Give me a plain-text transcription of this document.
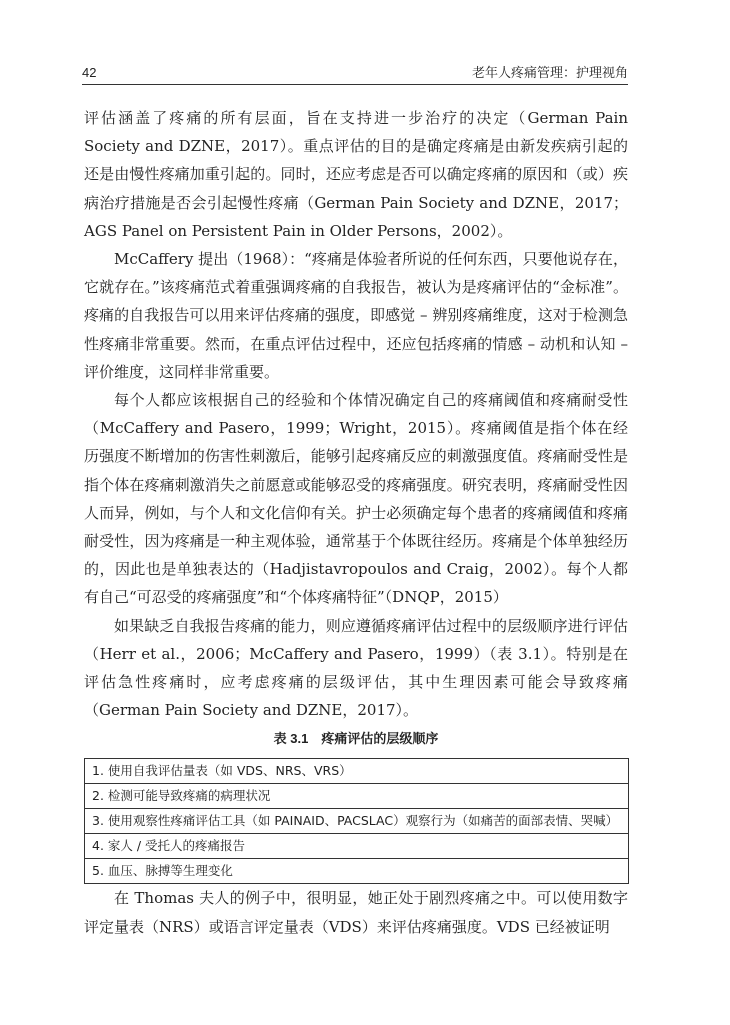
42	老年人疼痛管理：护理视角

评估涵盖了疼痛的所有层面，旨在支持进一步治疗的决定（German Pain Society and DZNE，2017）。重点评估的目的是确定疼痛是由新发疾病引起的还是由慢性疼痛加重引起的。同时，还应考虑是否可以确定疼痛的原因和（或）疾病治疗措施是否会引起慢性疼痛（German Pain Society and DZNE，2017；AGS Panel on Persistent Pain in Older Persons，2002）。

McCaffery 提出（1968）：“疼痛是体验者所说的任何东西，只要他说存在，它就存在。”该疼痛范式着重强调疼痛的自我报告，被认为是疼痛评估的“金标准”。疼痛的自我报告可以用来评估疼痛的强度，即感觉 – 辨别疼痛维度，这对于检测急性疼痛非常重要。然而，在重点评估过程中，还应包括疼痛的情感 – 动机和认知 – 评价维度，这同样非常重要。

每个人都应该根据自己的经验和个体情况确定自己的疼痛阈值和疼痛耐受性（McCaffery and Pasero，1999；Wright，2015）。疼痛阈值是指个体在经历强度不断增加的伤害性刺激后，能够引起疼痛反应的刺激强度值。疼痛耐受性是指个体在疼痛刺激消失之前愿意或能够忍受的疼痛强度。研究表明，疼痛耐受性因人而异，例如，与个人和文化信仰有关。护士必须确定每个患者的疼痛阈值和疼痛耐受性，因为疼痛是一种主观体验，通常基于个体既往经历。疼痛是个体单独经历的，因此也是单独表达的（Hadjistavropoulos and Craig，2002）。每个人都有自己“可忍受的疼痛强度”和“个体疼痛特征”（DNQP，2015）

如果缺乏自我报告疼痛的能力，则应遵循疼痛评估过程中的层级顺序进行评估（Herr et al.，2006；McCaffery and Pasero，1999）（表 3.1）。特别是在评估急性疼痛时，应考虑疼痛的层级评估，其中生理因素可能会导致疼痛（German Pain Society and DZNE，2017）。

表 3.1　疼痛评估的层级顺序
1. 使用自我评估量表（如 VDS、NRS、VRS）
2. 检测可能导致疼痛的病理状况
3. 使用观察性疼痛评估工具（如 PAINAID、PACSLAC）观察行为（如痛苦的面部表情、哭喊）
4. 家人 / 受托人的疼痛报告
5. 血压、脉搏等生理变化

在 Thomas 夫人的例子中，很明显，她正处于剧烈疼痛之中。可以使用数字评定量表（NRS）或语言评定量表（VDS）来评估疼痛强度。VDS 已经被证明
